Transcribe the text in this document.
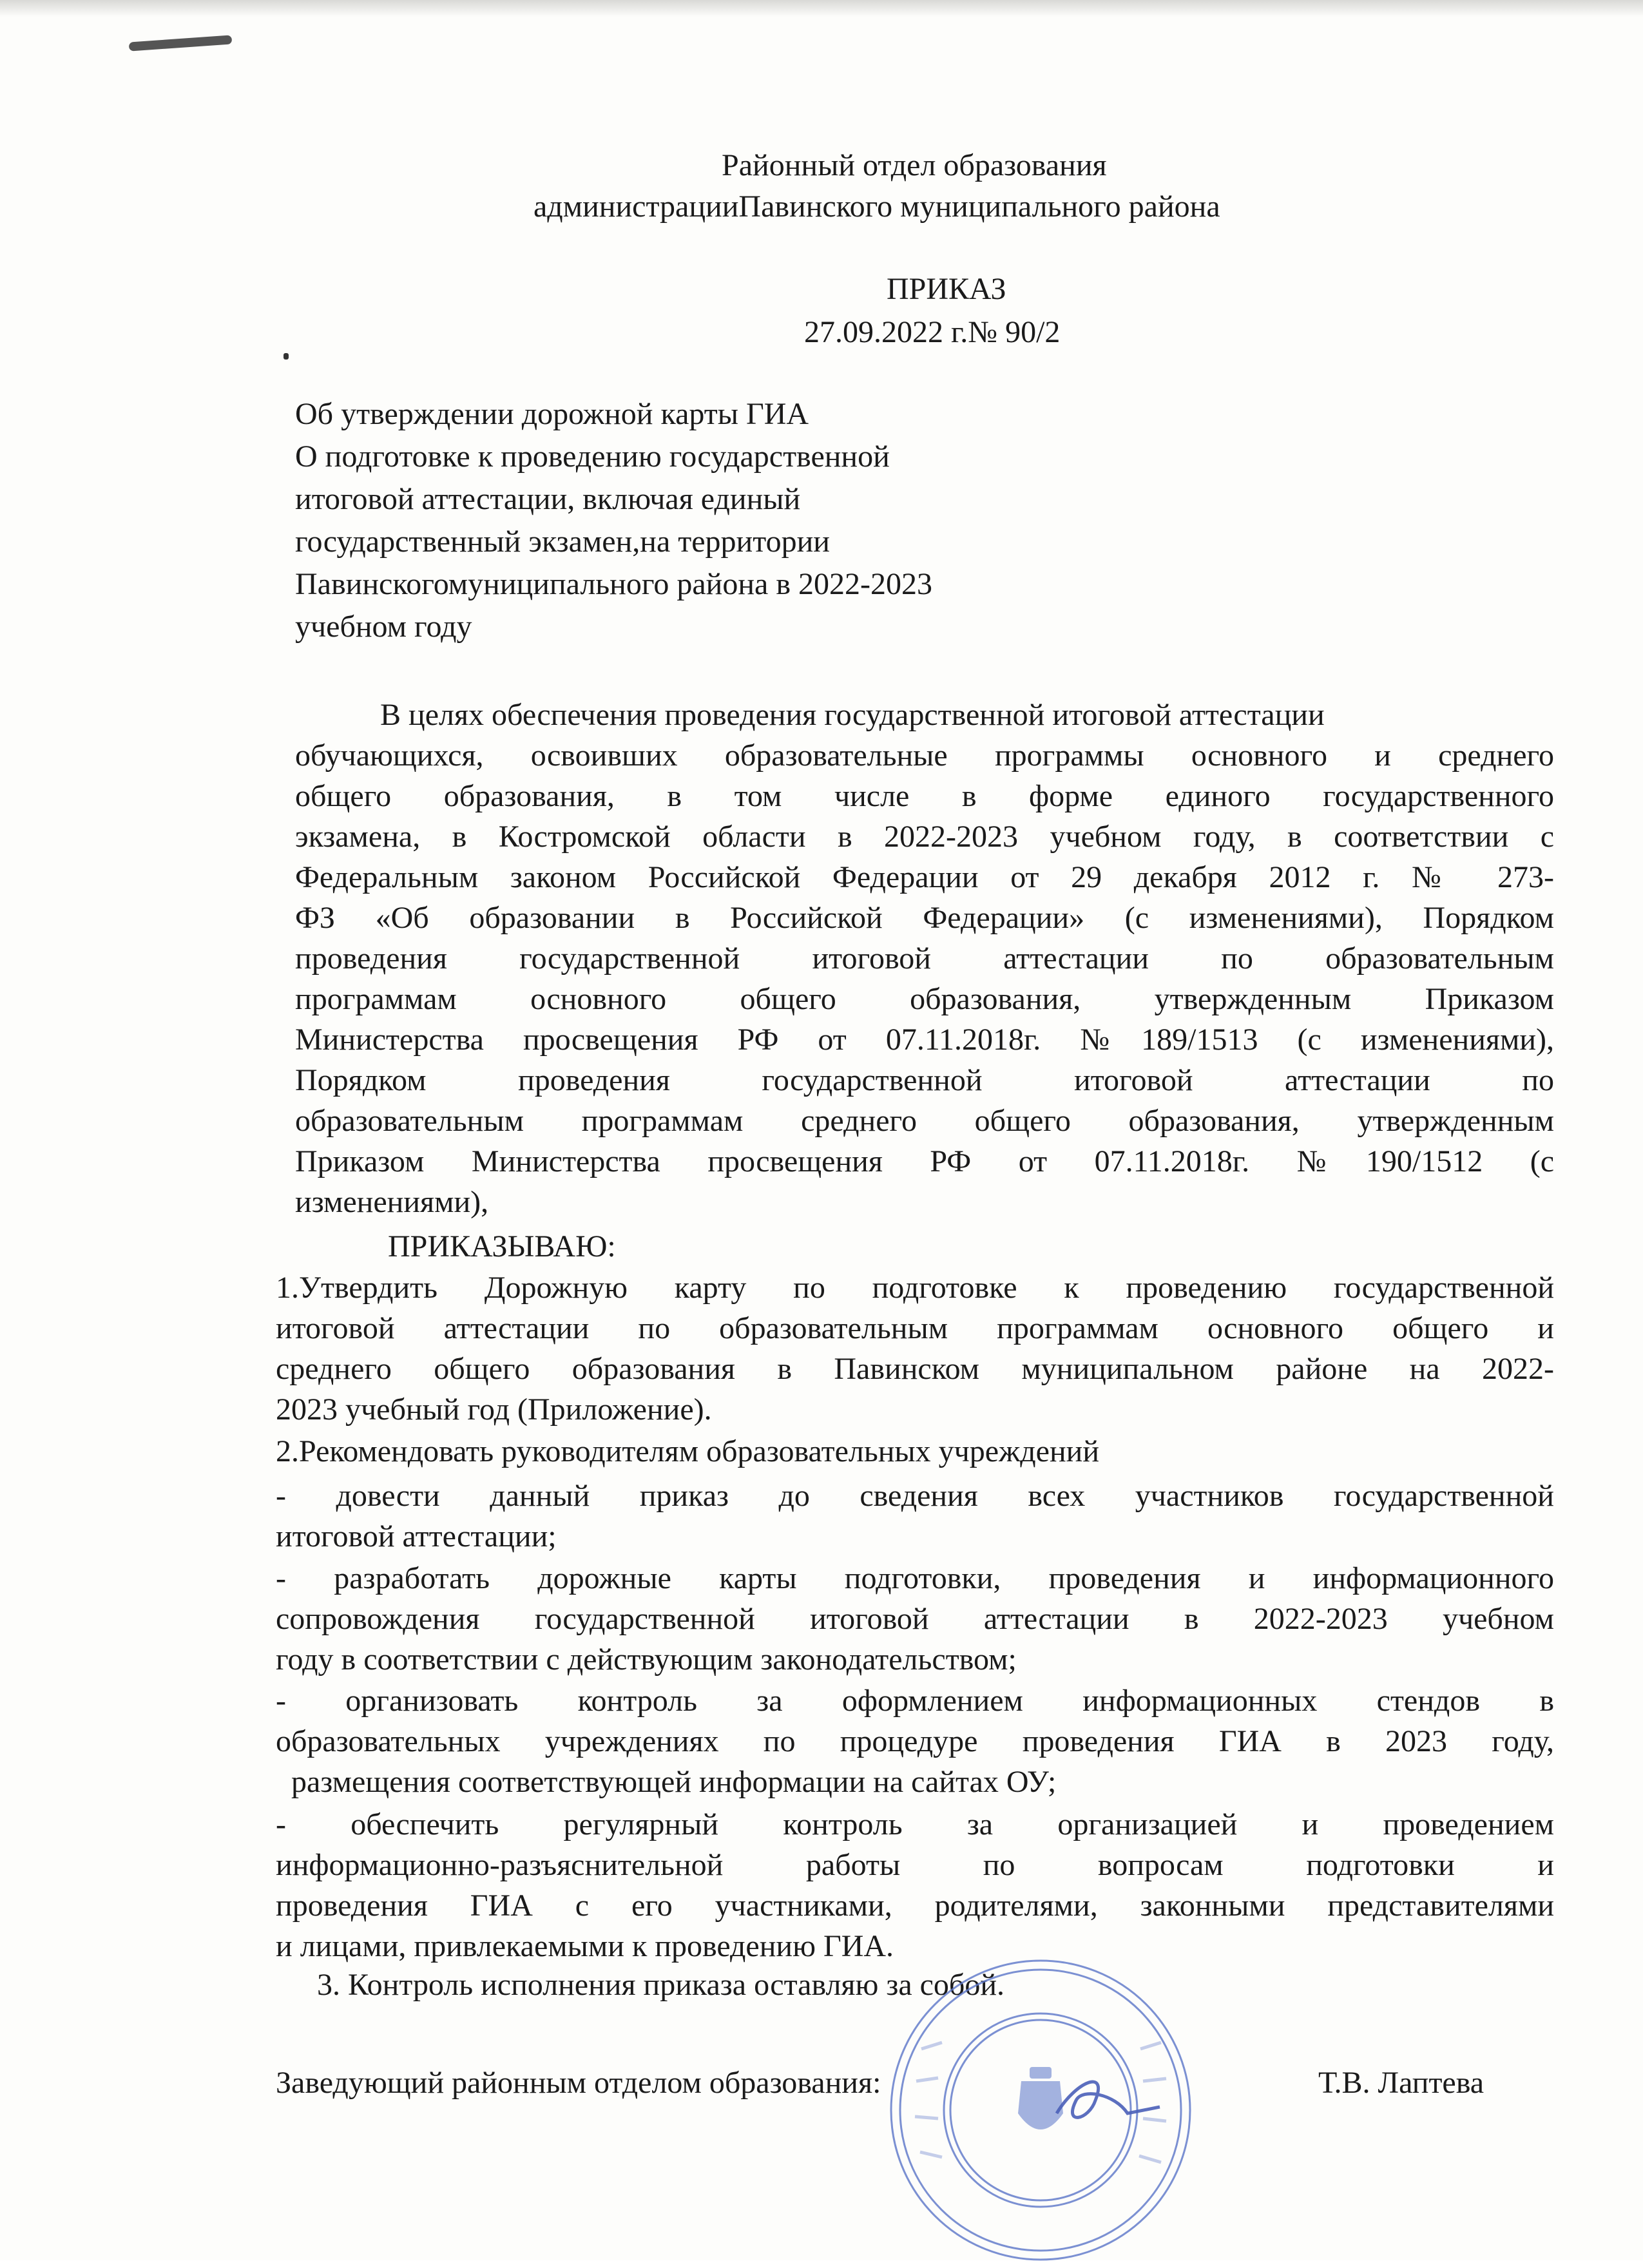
Районный отдел образования
администрацииПавинского муниципального района
ПРИКАЗ
27.09.2022 г.№ 90/2
Об утверждении дорожной карты ГИА
О подготовке к проведению государственной
итоговой аттестации, включая единый
государственный экзамен,на территории
Павинскогомуниципального района в 2022-2023
учебном году
В целях обеспечения проведения государственной итоговой аттестации
обучающихся, освоивших образовательные программы основного и среднего
общего образования, в том числе в форме единого государственного
экзамена, в Костромской области в 2022-2023 учебном году, в соответствии с
Федеральным законом Российской Федерации от 29 декабря 2012 г. № 273-
ФЗ «Об образовании в Российской Федерации» (с изменениями), Порядком
проведения государственной итоговой аттестации по образовательным
программам основного общего образования, утвержденным Приказом
Министерства просвещения РФ от 07.11.2018г. №189/1513 (с изменениями),
Порядком проведения государственной итоговой аттестации по
образовательным программам среднего общего образования, утвержденным
Приказом Министерства просвещения РФ от 07.11.2018г. №190/1512 (с
изменениями),
ПРИКАЗЫВАЮ:
1.Утвердить Дорожную карту по подготовке к проведению государственной
итоговой аттестации по образовательным программам основного общего и
среднего общего образования в Павинском муниципальном районе на 2022-
2023 учебный год (Приложение).
2.Рекомендовать руководителям образовательных учреждений
- довести данный приказ до сведения всех участников государственной
итоговой аттестации;
- разработать дорожные карты подготовки, проведения и информационного
сопровождения государственной итоговой аттестации в 2022-2023 учебном
году в соответствии с действующим законодательством;
- организовать контроль за оформлением информационных стендов в
образовательных учреждениях по процедуре проведения ГИА в 2023 году,
размещения соответствующей информации на сайтах ОУ;
- обеспечить регулярный контроль за организацией и проведением
информационно-разъяснительной работы по вопросам подготовки и
проведения ГИА с его участниками, родителями, законными представителями
и лицами, привлекаемыми к проведению ГИА.
3. Контроль исполнения приказа оставляю за собой.
Заведующий районным отделом образования:	Т.В. Лаптева
